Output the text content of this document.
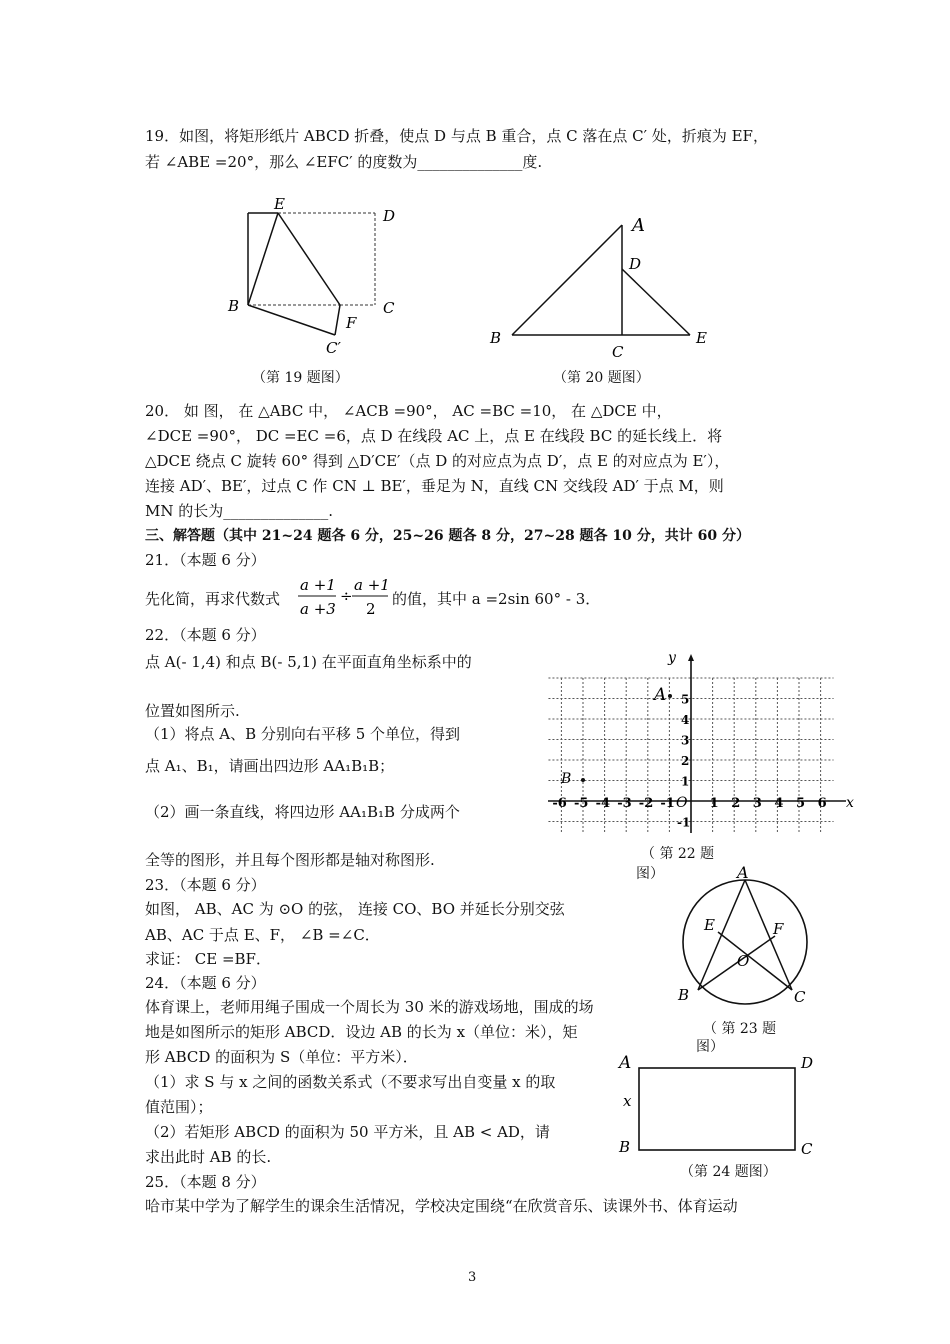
19．如图，将矩形纸片 ABCD 折叠，使点 D 与点 B 重合，点 C 落在点 C′ 处，折痕为 EF，
若 ∠ABE =20°，那么 ∠EFC′ 的度数为______________度.
E
D
B	C
F
C′
（第 19 题图）
A
D
B
C
E
（第 20 题图）
20． 如 图， 在 △ABC 中， ∠ACB =90°， AC =BC =10， 在 △DCE 中，
∠DCE =90°， DC =EC =6，点 D 在线段 AC 上，点 E 在线段 BC 的延长线上．将
△DCE 绕点 C 旋转 60° 得到 △D′CE′（点 D 的对应点为点 D′，点 E 的对应点为 E′），
连接 AD′、BE′，过点 C 作 CN ⊥ BE′，垂足为 N，直线 CN 交线段 AD′ 于点 M，则
MN 的长为______________.
三、解答题（其中 21~24 题各 6 分，25~26 题各 8 分，27~28 题各 10 分，共计 60 分）
21．（本题 6 分）
先化简，再求代数式
a +1
a +3
÷
a +1
2
的值，其中 a =2sin 60° - 3．
22．（本题 6 分）
点 A(- 1,4) 和点 B(- 5,1) 在平面直角坐标系中的
位置如图所示.
（1）将点 A、B 分别向右平移 5 个单位，得到
点 A₁、B₁，请画出四边形 AA₁B₁B；
（2）画一条直线，将四边形 AA₁B₁B 分成两个
全等的图形，并且每个图形都是轴对称图形.
x
y
O
-6 -5 -4 -3 -2 -1	1 2 3 4 5 6
5
4
3
2
1
-1
A
B
（ 第 22 题
图）
23．（本题 6 分）
如图， AB、AC 为 ⊙O 的弦， 连接 CO、BO 并延长分别交弦
AB、AC 于点 E、F， ∠B =∠C．
求证： CE =BF．
A
E	F
O
B	C
（ 第 23 题
图）
24．（本题 6 分）
体育课上，老师用绳子围成一个周长为 30 米的游戏场地，围成的场
地是如图所示的矩形 ABCD．设边 AB 的长为 x（单位：米），矩
形 ABCD 的面积为 S（单位：平方米）．
（1）求 S 与 x 之间的函数关系式（不要求写出自变量 x 的取
值范围）；
（2）若矩形 ABCD 的面积为 50 平方米，且 AB < AD，请
求出此时 AB 的长.
A	D
x
B	C
（第 24 题图）
25．（本题 8 分）
哈市某中学为了解学生的课余生活情况，学校决定围绕“在欣赏音乐、读课外书、体育运动
3
